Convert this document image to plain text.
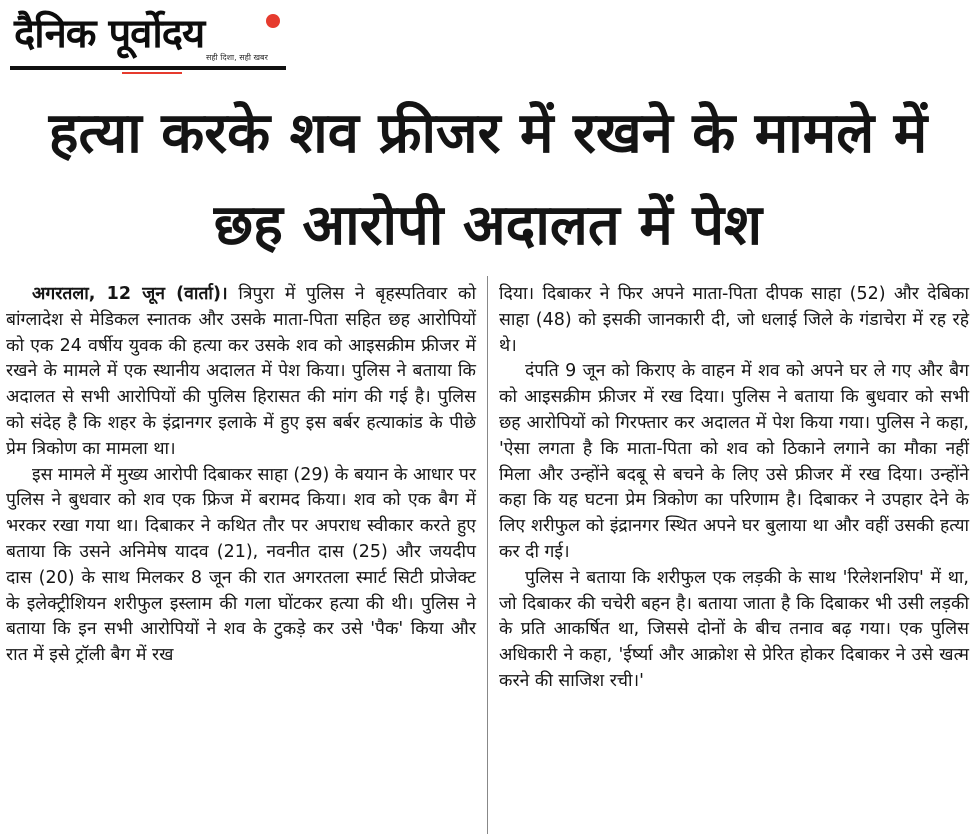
दैनिक पूर्वोदय
सही दिशा, सही खबर
हत्या करके शव फ्रीजर में रखने के मामले में छह आरोपी अदालत में पेश

अगरतला, 12 जून (वार्ता)। त्रिपुरा में पुलिस ने बृहस्पतिवार को बांग्लादेश से मेडिकल स्नातक और उसके माता-पिता सहित छह आरोपियों को एक 24 वर्षीय युवक की हत्या कर उसके शव को आइसक्रीम फ्रीजर में रखने के मामले में एक स्थानीय अदालत में पेश किया। पुलिस ने बताया कि अदालत से सभी आरोपियों की पुलिस हिरासत की मांग की गई है। पुलिस को संदेह है कि शहर के इंद्रानगर इलाके में हुए इस बर्बर हत्याकांड के पीछे प्रेम त्रिकोण का मामला था।

इस मामले में मुख्य आरोपी दिबाकर साहा (29) के बयान के आधार पर पुलिस ने बुधवार को शव एक फ्रिज में बरामद किया। शव को एक बैग में भरकर रखा गया था। दिबाकर ने कथित तौर पर अपराध स्वीकार करते हुए बताया कि उसने अनिमेष यादव (21), नवनीत दास (25) और जयदीप दास (20) के साथ मिलकर 8 जून की रात अगरतला स्मार्ट सिटी प्रोजेक्ट के इलेक्ट्रीशियन शरीफुल इस्लाम की गला घोंटकर हत्या की थी। पुलिस ने बताया कि इन सभी आरोपियों ने शव के टुकड़े कर उसे 'पैक' किया और रात में इसे ट्रॉली बैग में रख

दिया। दिबाकर ने फिर अपने माता-पिता दीपक साहा (52) और देबिका साहा (48) को इसकी जानकारी दी, जो धलाई जिले के गंडाचेरा में रह रहे थे।

दंपति 9 जून को किराए के वाहन में शव को अपने घर ले गए और बैग को आइसक्रीम फ्रीजर में रख दिया। पुलिस ने बताया कि बुधवार को सभी छह आरोपियों को गिरफ्तार कर अदालत में पेश किया गया। पुलिस ने कहा, 'ऐसा लगता है कि माता-पिता को शव को ठिकाने लगाने का मौका नहीं मिला और उन्होंने बदबू से बचने के लिए उसे फ्रीजर में रख दिया। उन्होंने कहा कि यह घटना प्रेम त्रिकोण का परिणाम है। दिबाकर ने उपहार देने के लिए शरीफुल को इंद्रानगर स्थित अपने घर बुलाया था और वहीं उसकी हत्या कर दी गई।

पुलिस ने बताया कि शरीफुल एक लड़की के साथ 'रिलेशनशिप' में था, जो दिबाकर की चचेरी बहन है। बताया जाता है कि दिबाकर भी उसी लड़की के प्रति आकर्षित था, जिससे दोनों के बीच तनाव बढ़ गया। एक पुलिस अधिकारी ने कहा, 'ईर्ष्या और आक्रोश से प्रेरित होकर दिबाकर ने उसे खत्म करने की साजिश रची।'
